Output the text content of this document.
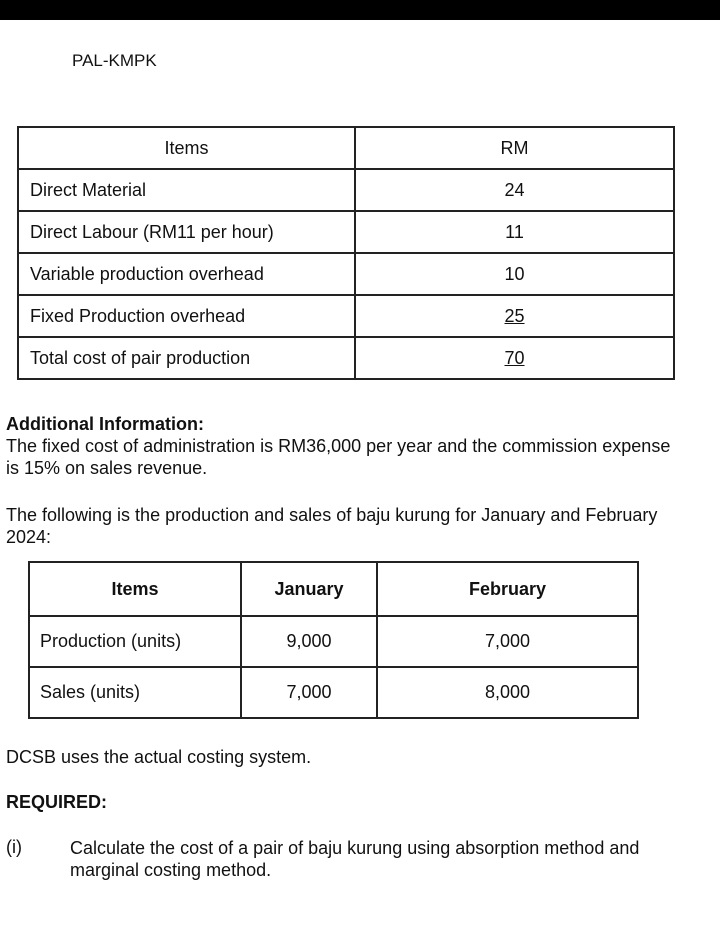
PAL-KMPK
Items	RM
Direct Material	24
Direct Labour (RM11 per hour)	11
Variable production overhead	10
Fixed Production overhead	25
Total cost of pair production	70

Additional Information:

The fixed cost of administration is RM36,000 per year and the commission expense is 15% on sales revenue.

The following is the production and sales of baju kurung for January and February 2024:

Items	January	February
Production (units)	9,000	7,000
Sales (units)	7,000	8,000

DCSB uses the actual costing system.

REQUIRED:

(i)	Calculate the cost of a pair of baju kurung using absorption method and marginal costing method.
